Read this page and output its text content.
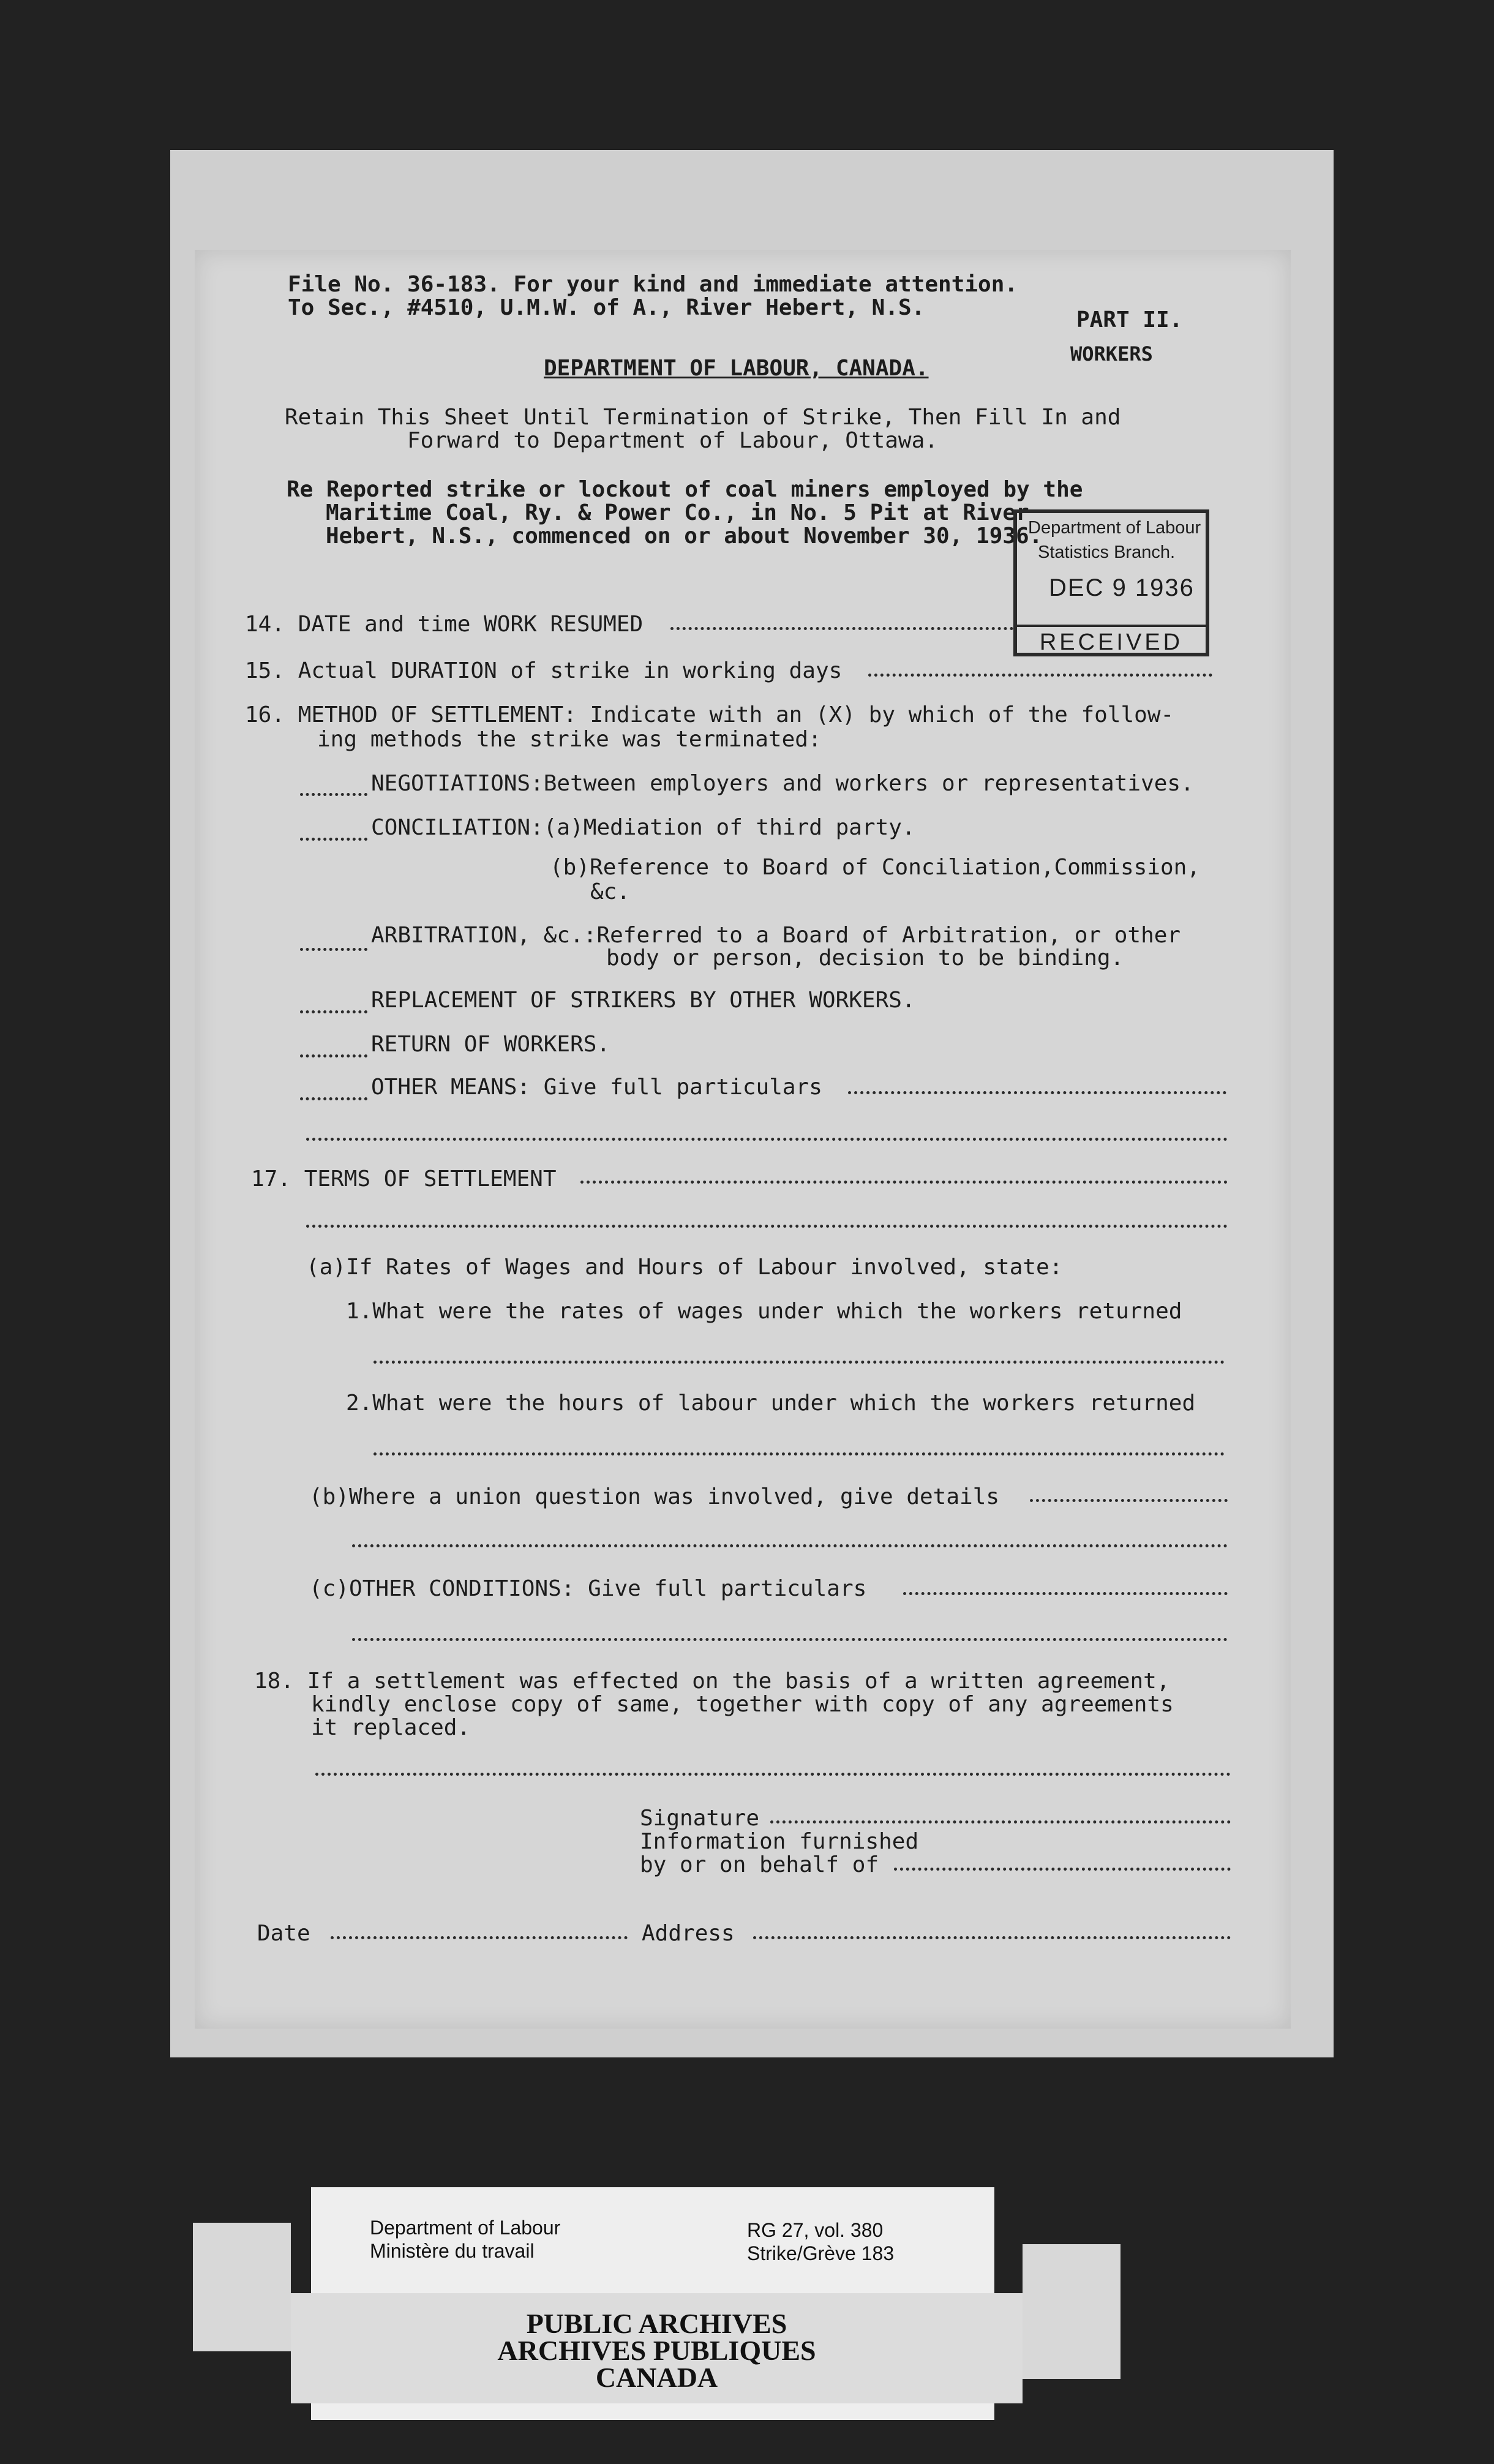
File No. 36-183. For your kind and immediate attention.
To Sec., #4510, U.M.W. of A., River Hebert, N.S.	PART II.
WORKERS
DEPARTMENT OF LABOUR, CANADA.
Retain This Sheet Until Termination of Strike, Then Fill In and
Forward to Department of Labour, Ottawa.
Re Reported strike or lockout of coal miners employed by the
Maritime Coal, Ry. & Power Co., in No. 5 Pit at River
Hebert, N.S., commenced on or about November 30, 1936.
Department of Labour
Statistics Branch.
DEC 9 1936
RECEIVED
14. DATE and time WORK RESUMED
15. Actual DURATION of strike in working days
16. METHOD OF SETTLEMENT: Indicate with an (X) by which of the follow-
ing methods the strike was terminated:
NEGOTIATIONS:Between employers and workers or representatives.
CONCILIATION:(a)Mediation of third party.
(b)Reference to Board of Conciliation,Commission,
&c.
ARBITRATION, &c.:Referred to a Board of Arbitration, or other
body or person, decision to be binding.
REPLACEMENT OF STRIKERS BY OTHER WORKERS.
RETURN OF WORKERS.
OTHER MEANS: Give full particulars
17. TERMS OF SETTLEMENT
(a)If Rates of Wages and Hours of Labour involved, state:
1.What were the rates of wages under which the workers returned
2.What were the hours of labour under which the workers returned
(b)Where a union question was involved, give details
(c)OTHER CONDITIONS: Give full particulars
18. If a settlement was effected on the basis of a written agreement,
kindly enclose copy of same, together with copy of any agreements
it replaced.
Signature
Information furnished
by or on behalf of
Date	Address
Department of Labour
Ministère du travail
RG 27, vol. 380
Strike/Grève 183
PUBLIC ARCHIVES
ARCHIVES PUBLIQUES
CANADA
